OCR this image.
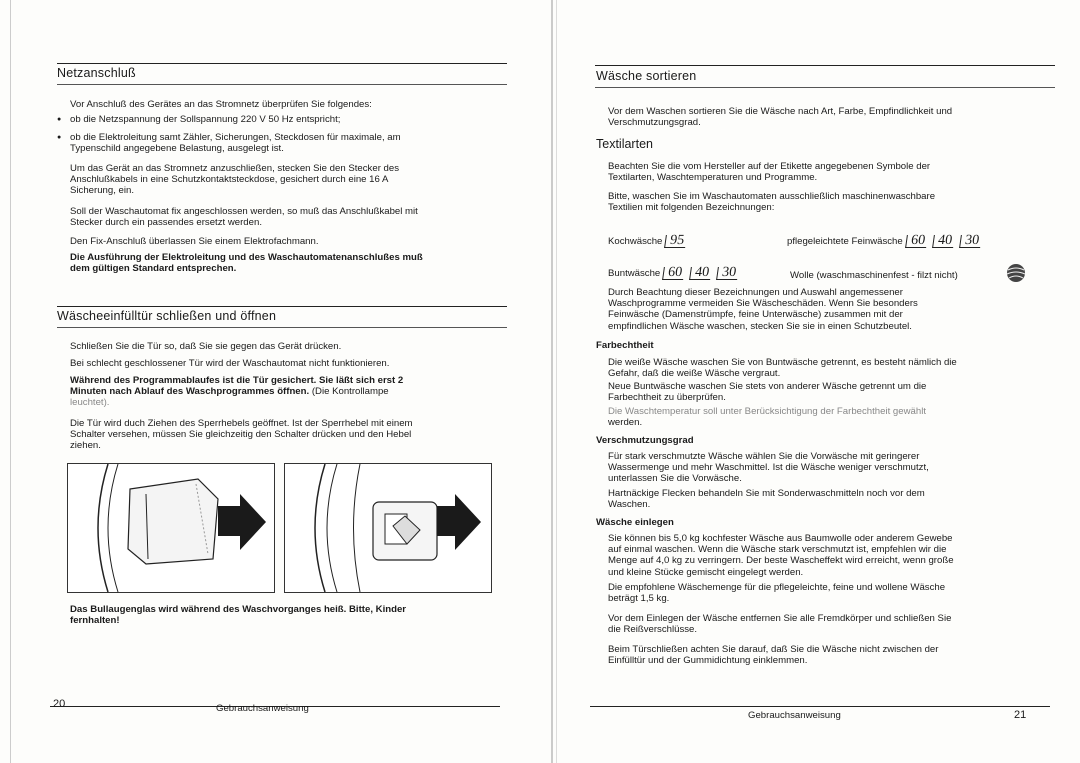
Netzanschluß
Vor Anschluß des Gerätes an das Stromnetz überprüfen Sie folgendes:
● ob die Netzspannung der Sollspannung 220 V 50 Hz entspricht;
● ob die Elektroleitung samt Zähler, Sicherungen, Steckdosen für maximale, am
Typenschild angegebene Belastung, ausgelegt ist.
Um das Gerät an das Stromnetz anzuschließen, stecken Sie den Stecker des
Anschlußkabels in eine Schutzkontaktsteckdose, gesichert durch eine 16 A
Sicherung, ein.
Soll der Waschautomat fix angeschlossen werden, so muß das Anschlußkabel mit
Stecker durch ein passendes ersetzt werden.
Den Fix-Anschluß überlassen Sie einem Elektrofachmann.
Die Ausführung der Elektroleitung und des Waschautomatenanschlußes muß
dem gültigen Standard entsprechen.
Wäscheeinfülltür schließen und öffnen
Schließen Sie die Tür so, daß Sie sie gegen das Gerät drücken.
Bei schlecht geschlossener Tür wird der Waschautomat nicht funktionieren.
Während des Programmablaufes ist die Tür gesichert. Sie läßt sich erst 2
Minuten nach Ablauf des Waschprogrammes öffnen. (Die Kontrollampe
leuchtet).
Die Tür wird duch Ziehen des Sperrhebels geöffnet. Ist der Sperrhebel mit einem
Schalter versehen, müssen Sie gleichzeitig den Schalter drücken und den Hebel
ziehen.
Das Bullaugenglas wird während des Waschvorganges heiß. Bitte, Kinder
fernhalten!
20	Gebrauchsanweisung
Wäsche sortieren
Vor dem Waschen sortieren Sie die Wäsche nach Art, Farbe, Empfindlichkeit und
Verschmutzungsgrad.
Textilarten
Beachten Sie die vom Hersteller auf der Etikette angegebenen Symbole der
Textilarten, Waschtemperaturen und Programme.
Bitte, waschen Sie im Waschautomaten ausschließlich maschinenwaschbare
Textilien mit folgenden Bezeichnungen:
Kochwäsche 95	pflegeleichtete Feinwäsche 60 40 30
Buntwäsche 60 40 30	Wolle (waschmaschinenfest - filzt nicht)
Durch Beachtung dieser Bezeichnungen und Auswahl angemessener
Waschprogramme vermeiden Sie Wäscheschäden. Wenn Sie besonders
Feinwäsche (Damenstrümpfe, feine Unterwäsche) zusammen mit der
empfindlichen Wäsche waschen, stecken Sie sie in einen Schutzbeutel.
Farbechtheit
Die weiße Wäsche waschen Sie von Buntwäsche getrennt, es besteht nämlich die
Gefahr, daß die weiße Wäsche vergraut.
Neue Buntwäsche waschen Sie stets von anderer Wäsche getrennt um die
Farbechtheit zu überprüfen.
Die Waschtemperatur soll unter Berücksichtigung der Farbechtheit gewählt
werden.
Verschmutzungsgrad
Für stark verschmutzte Wäsche wählen Sie die Vorwäsche mit geringerer
Wassermenge und mehr Waschmittel. Ist die Wäsche weniger verschmutzt,
unterlassen Sie die Vorwäsche.
Hartnäckige Flecken behandeln Sie mit Sonderwaschmitteln noch vor dem
Waschen.
Wäsche einlegen
Sie können bis 5,0 kg kochfester Wäsche aus Baumwolle oder anderem Gewebe
auf einmal waschen. Wenn die Wäsche stark verschmutzt ist, empfehlen wir die
Menge auf 4,0 kg zu verringern. Der beste Wascheffekt wird erreicht, wenn große
und kleine Stücke gemischt eingelegt werden.
Die empfohlene Wäschemenge für die pflegeleichte, feine und wollene Wäsche
beträgt 1,5 kg.
Vor dem Einlegen der Wäsche entfernen Sie alle Fremdkörper und schließen Sie
die Reißverschlüsse.
Beim Türschließen achten Sie darauf, daß Sie die Wäsche nicht zwischen der
Einfülltür und der Gummidichtung einklemmen.
Gebrauchsanweisung	21
